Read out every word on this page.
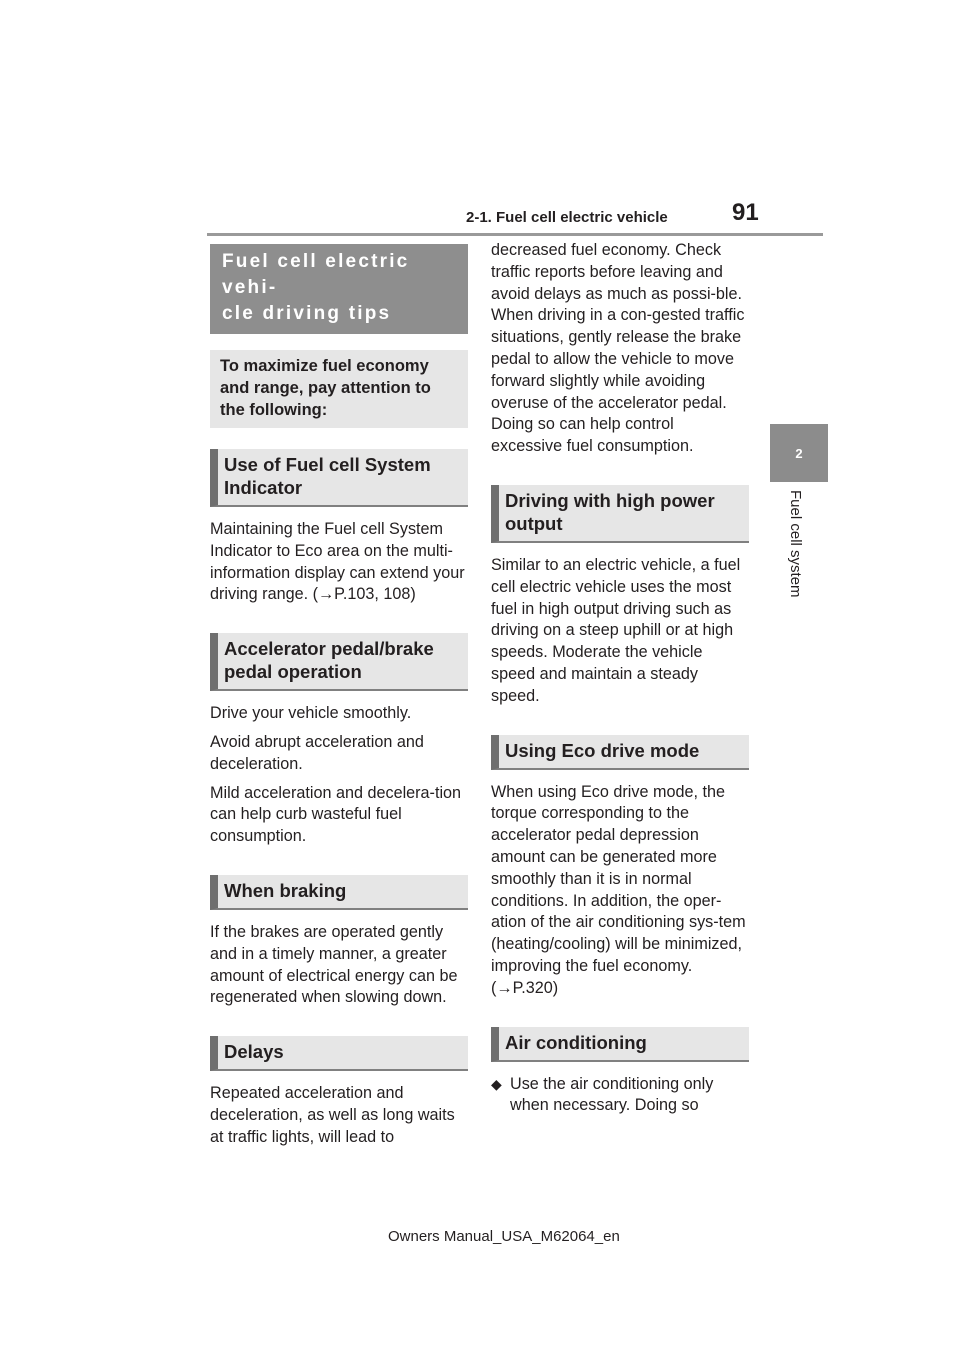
2-1. Fuel cell electric vehicle	91
2
Fuel cell system
Fuel cell electric vehi-
cle driving tips
To maximize fuel economy and range, pay attention to the following:
Use of Fuel cell System Indicator

Maintaining the Fuel cell System Indicator to Eco area on the multi-information display can extend your driving range. (→P.103, 108)

Accelerator pedal/brake pedal operation

Drive your vehicle smoothly.

Avoid abrupt acceleration and deceleration.

Mild acceleration and decelera-tion can help curb wasteful fuel consumption.

When braking

If the brakes are operated gently and in a timely manner, a greater amount of electrical energy can be regenerated when slowing down.

Delays

Repeated acceleration and deceleration, as well as long waits at traffic lights, will lead to

decreased fuel economy. Check traffic reports before leaving and avoid delays as much as possi-ble. When driving in a con-gested traffic situations, gently release the brake pedal to allow the vehicle to move forward slightly while avoiding overuse of the accelerator pedal. Doing so can help control excessive fuel consumption.

Driving with high power output

Similar to an electric vehicle, a fuel cell electric vehicle uses the most fuel in high output driving such as driving on a steep uphill or at high speeds. Moderate the vehicle speed and maintain a steady speed.

Using Eco drive mode

When using Eco drive mode, the torque corresponding to the accelerator pedal depression amount can be generated more smoothly than it is in normal conditions. In addition, the oper-ation of the air conditioning sys-tem (heating/cooling) will be minimized, improving the fuel economy. (→P.320)

Air conditioning
◆ Use the air conditioning only when necessary. Doing so
Owners Manual_USA_M62064_en
